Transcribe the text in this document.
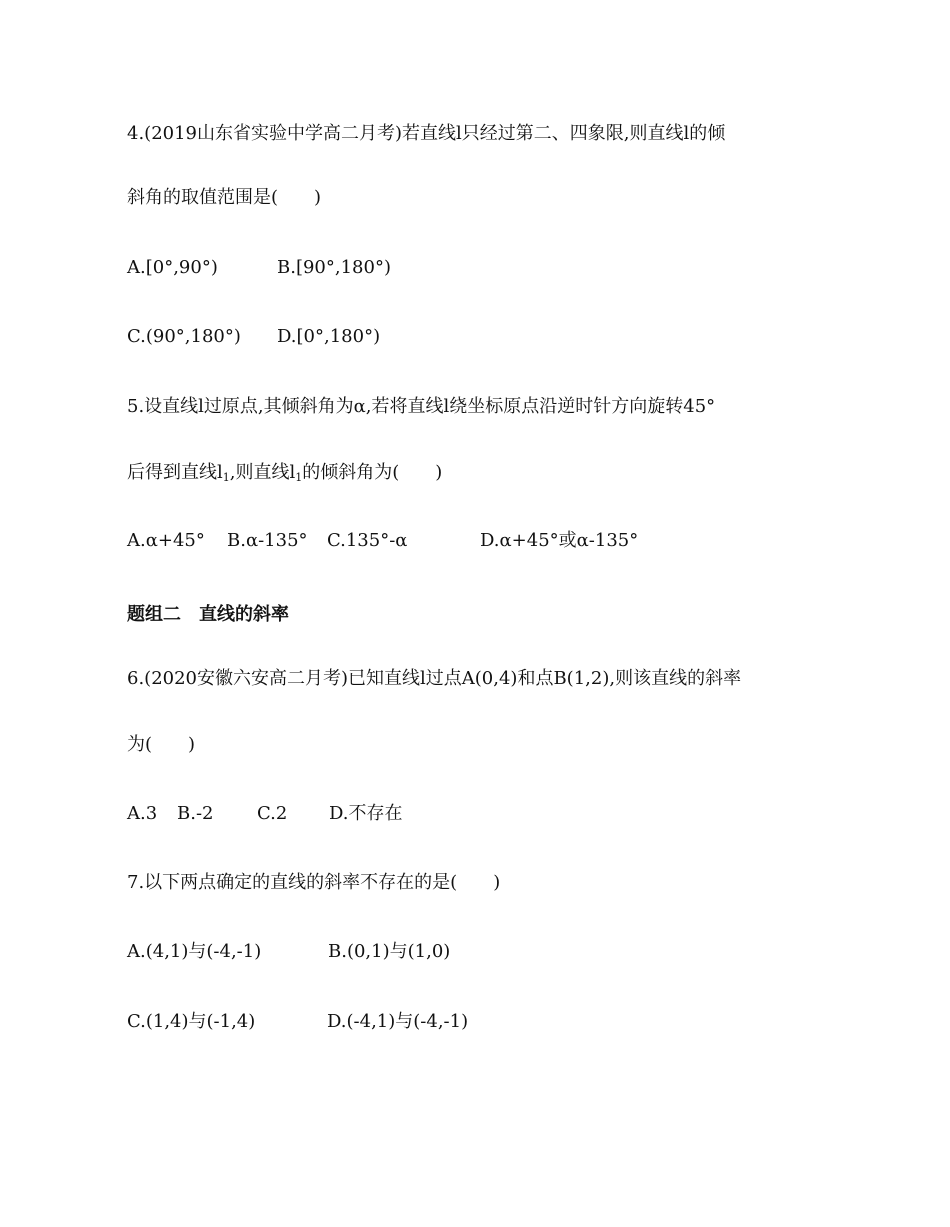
4.(2019山东省实验中学高二月考)若直线l只经过第二、四象限,则直线l的倾
斜角的取值范围是(　　)
A.[0°,90°)	B.[90°,180°)
C.(90°,180°) D.[0°,180°)
5.设直线l过原点,其倾斜角为α,若将直线l绕坐标原点沿逆时针方向旋转45°
后得到直线$l_1$,则直线$l_1$的倾斜角为(　　)
A.α+45° B.α-135° C.135°-α	D.α+45°或α-135°
题组二　直线的斜率
6.(2020安徽六安高二月考)已知直线l过点A(0,4)和点B(1,2),则该直线的斜率
为(　　)
A.3 B.-2 C.2 D.不存在
7.以下两点确定的直线的斜率不存在的是(　　)
A.(4,1)与(-4,-1)	B.(0,1)与(1,0)
C.(1,4)与(-1,4)	D.(-4,1)与(-4,-1)
